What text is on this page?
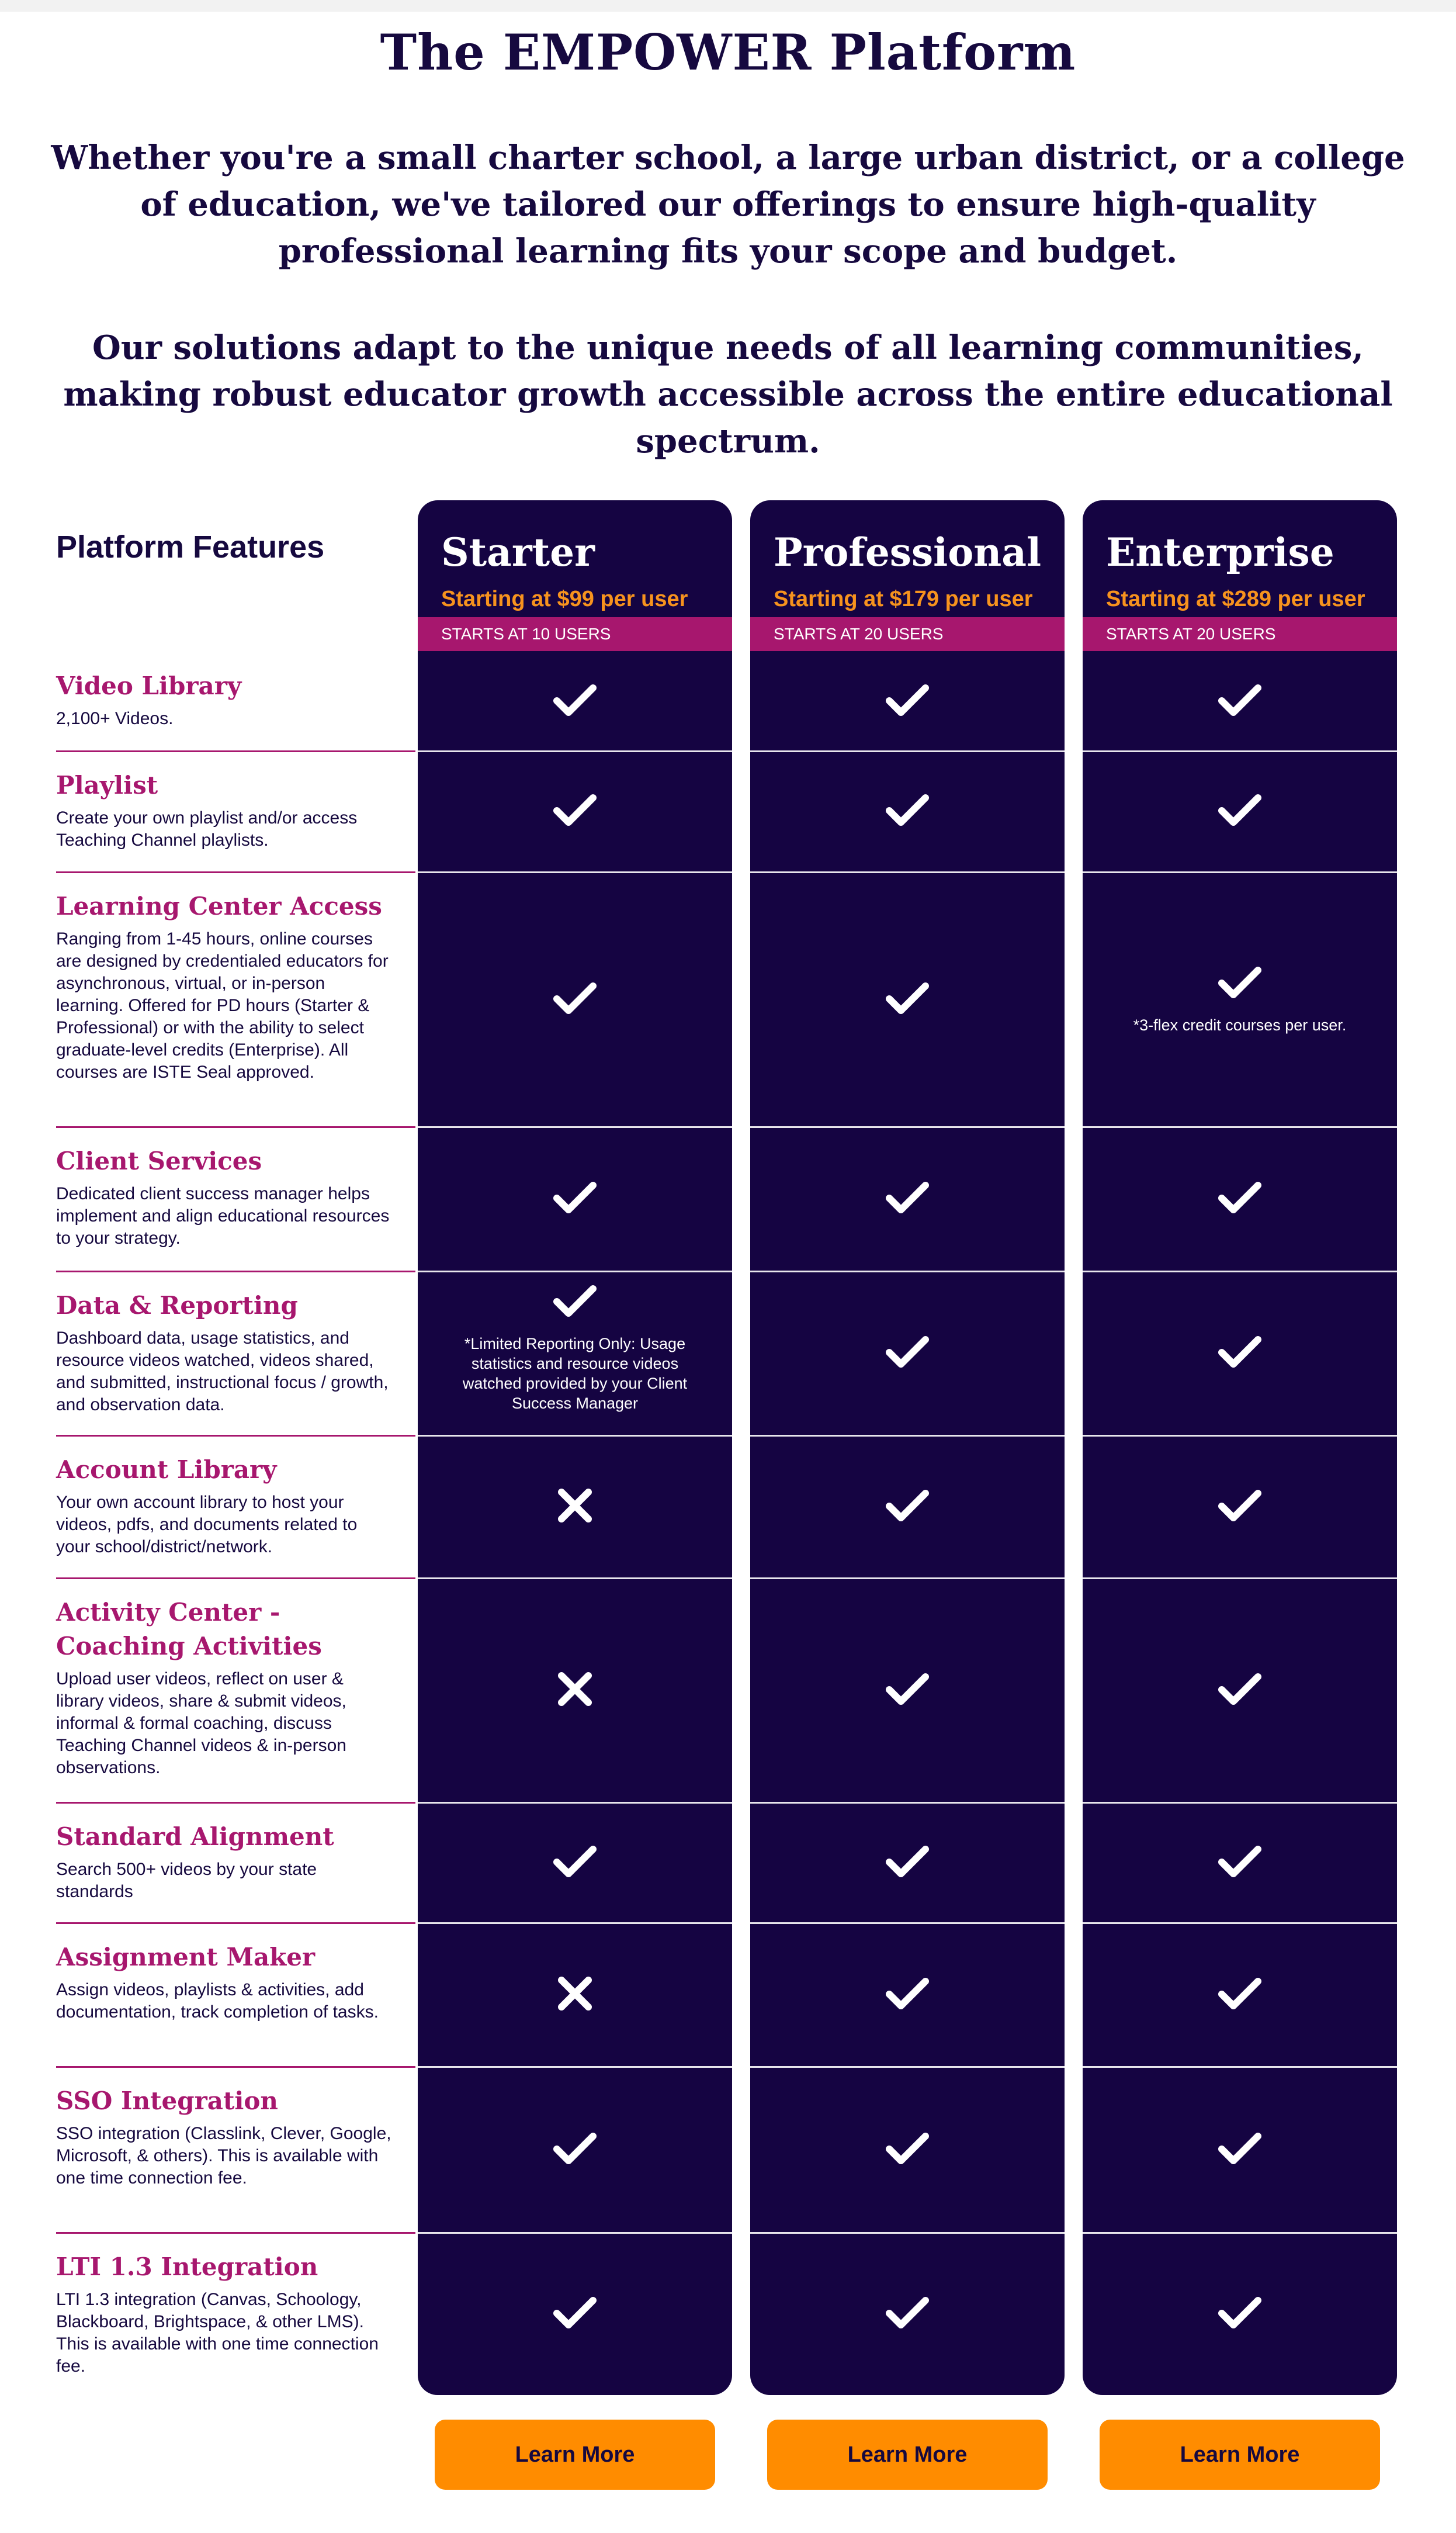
The EMPOWER Platform

Whether you're a small charter school, a large urban district, or a college of education, we've tailored our offerings to ensure high-quality professional learning fits your scope and budget.

Our solutions adapt to the unique needs of all learning communities, making robust educator growth accessible across the entire educational spectrum.

Platform Features
Video Library
2,100+ Videos.
Playlist
Create your own playlist and/or access Teaching Channel playlists.
Learning Center Access
Ranging from 1-45 hours, online courses are designed by credentialed educators for asynchronous, virtual, or in-person learning. Offered for PD hours (Starter & Professional) or with the ability to select graduate-level credits (Enterprise). All courses are ISTE Seal approved.
Client Services
Dedicated client success manager helps implement and align educational resources to your strategy.
Data & Reporting
Dashboard data, usage statistics, and resource videos watched, videos shared, and submitted, instructional focus / growth, and observation data.
Account Library
Your own account library to host your videos, pdfs, and documents related to your school/district/network.
Activity Center - Coaching Activities
Upload user videos, reflect on user & library videos, share & submit videos, informal & formal coaching, discuss Teaching Channel videos & in-person observations.
Standard Alignment
Search 500+ videos by your state standards
Assignment Maker
Assign videos, playlists & activities, add documentation, track completion of tasks.
SSO Integration
SSO integration (Classlink, Clever, Google, Microsoft, & others). This is available with one time connection fee.
LTI 1.3 Integration
LTI 1.3 integration (Canvas, Schoology, Blackboard, Brightspace, & other LMS). This is available with one time connection fee.
Starter
Starting at $99 per user
STARTS AT 10 USERS
*Limited Reporting Only: Usage statistics and resource videos watched provided by your Client Success Manager
Professional
Starting at $179 per user
STARTS AT 20 USERS
Enterprise
Starting at $289 per user
STARTS AT 20 USERS
*3-flex credit courses per user.
Learn More	Learn More	Learn More
